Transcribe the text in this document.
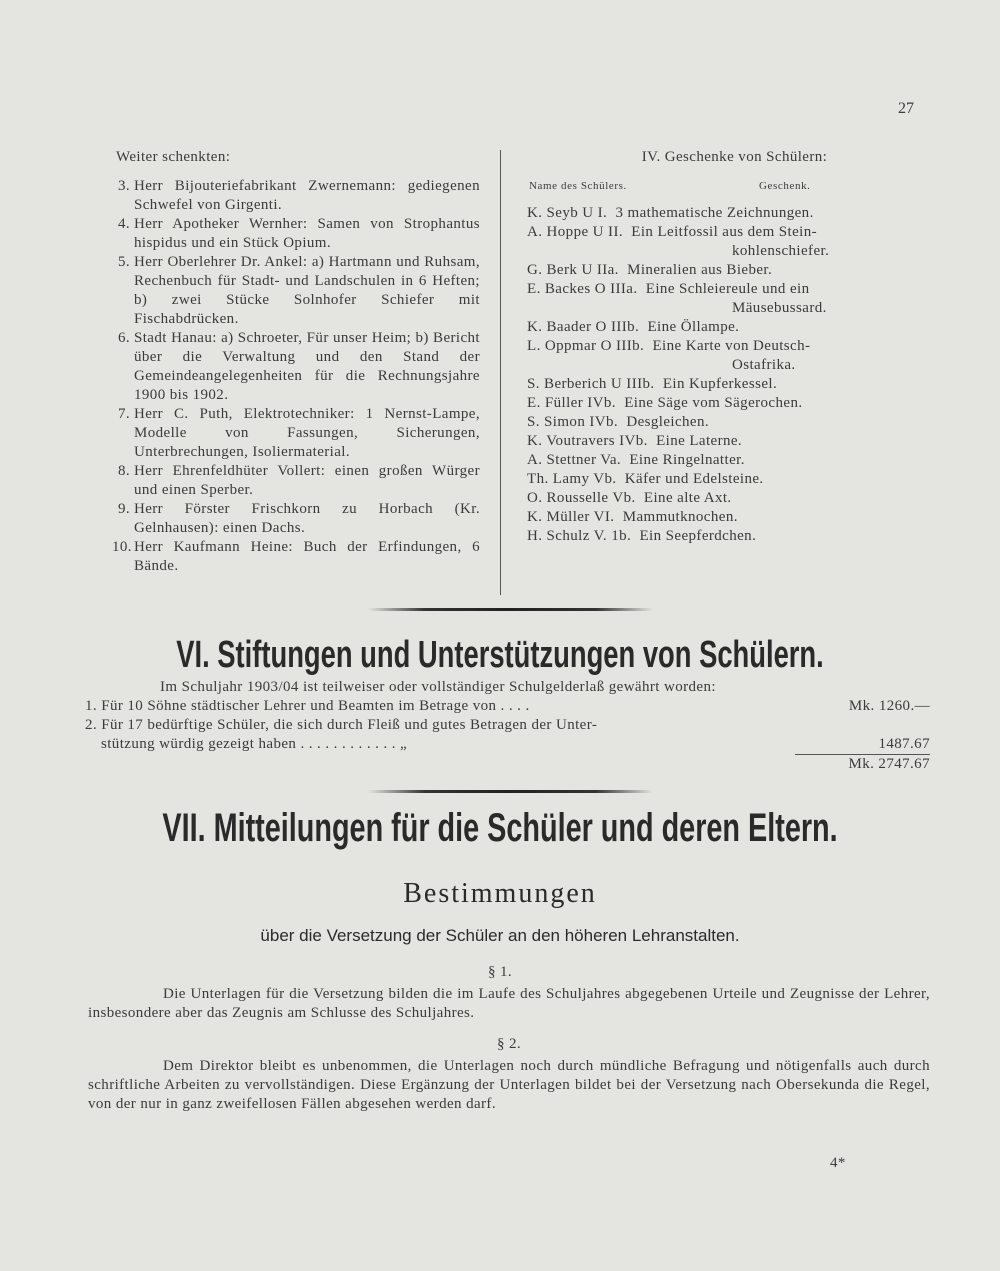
27
Weiter schenkten:
3. Herr Bijouteriefabrikant Zwernemann: gediegenen Schwefel von Girgenti.
4. Herr Apotheker Wernher: Samen von Strophantus hispidus und ein Stück Opium.
5. Herr Oberlehrer Dr. Ankel: a) Hartmann und Ruhsam, Rechenbuch für Stadt- und Landschulen in 6 Heften; b) zwei Stücke Solnhofer Schiefer mit Fischabdrücken.
6. Stadt Hanau: a) Schroeter, Für unser Heim; b) Bericht über die Verwaltung und den Stand der Gemeindeangelegenheiten für die Rechnungsjahre 1900 bis 1902.
7. Herr C. Puth, Elektrotechniker: 1 Nernst-Lampe, Modelle von Fassungen, Sicherungen, Unterbrechungen, Isoliermaterial.
8. Herr Ehrenfeldhüter Vollert: einen großen Würger und einen Sperber.
9. Herr Förster Frischkorn zu Horbach (Kr. Gelnhausen): einen Dachs.
10. Herr Kaufmann Heine: Buch der Erfindungen, 6 Bände.
IV. Geschenke von Schülern:
Name des Schülers.	Geschenk.
K. Seyb U I.  3 mathematische Zeichnungen.
A. Hoppe U II.  Ein Leitfossil aus dem Stein-
kohlenschiefer.
G. Berk U IIa.  Mineralien aus Bieber.
E. Backes O IIIa.  Eine Schleiereule und ein
Mäusebussard.
K. Baader O IIIb.  Eine Öllampe.
L. Oppmar O IIIb.  Eine Karte von Deutsch-
Ostafrika.
S. Berberich U IIIb.  Ein Kupferkessel.
E. Füller IVb.  Eine Säge vom Sägerochen.
S. Simon IVb.  Desgleichen.
K. Voutravers IVb.  Eine Laterne.
A. Stettner Va.  Eine Ringelnatter.
Th. Lamy Vb.  Käfer und Edelsteine.
O. Rousselle Vb.  Eine alte Axt.
K. Müller VI.  Mammutknochen.
H. Schulz V. 1b.  Ein Seepferdchen.
VI. Stiftungen und Unterstützungen von Schülern.
Im Schuljahr 1903/04 ist teilweiser oder vollständiger Schulgelderlaß gewährt worden:
1. Für 10 Söhne städtischer Lehrer und Beamten im Betrage von . . . .	Mk. 1260.—
2. Für 17 bedürftige Schüler, die sich durch Fleiß und gutes Betragen der Unter-
stützung würdig gezeigt haben . . . . . . . . . . . . „	1487.67
Mk. 2747.67
VII. Mitteilungen für die Schüler und deren Eltern.
Bestimmungen
über die Versetzung der Schüler an den höheren Lehranstalten.
§ 1.
Die Unterlagen für die Versetzung bilden die im Laufe des Schuljahres abgegebenen Urteile und Zeugnisse der Lehrer, insbesondere aber das Zeugnis am Schlusse des Schuljahres.
§ 2.
Dem Direktor bleibt es unbenommen, die Unterlagen noch durch mündliche Befragung und nötigenfalls auch durch schriftliche Arbeiten zu vervollständigen. Diese Ergänzung der Unterlagen bildet bei der Versetzung nach Obersekunda die Regel, von der nur in ganz zweifellosen Fällen abgesehen werden darf.
4*
